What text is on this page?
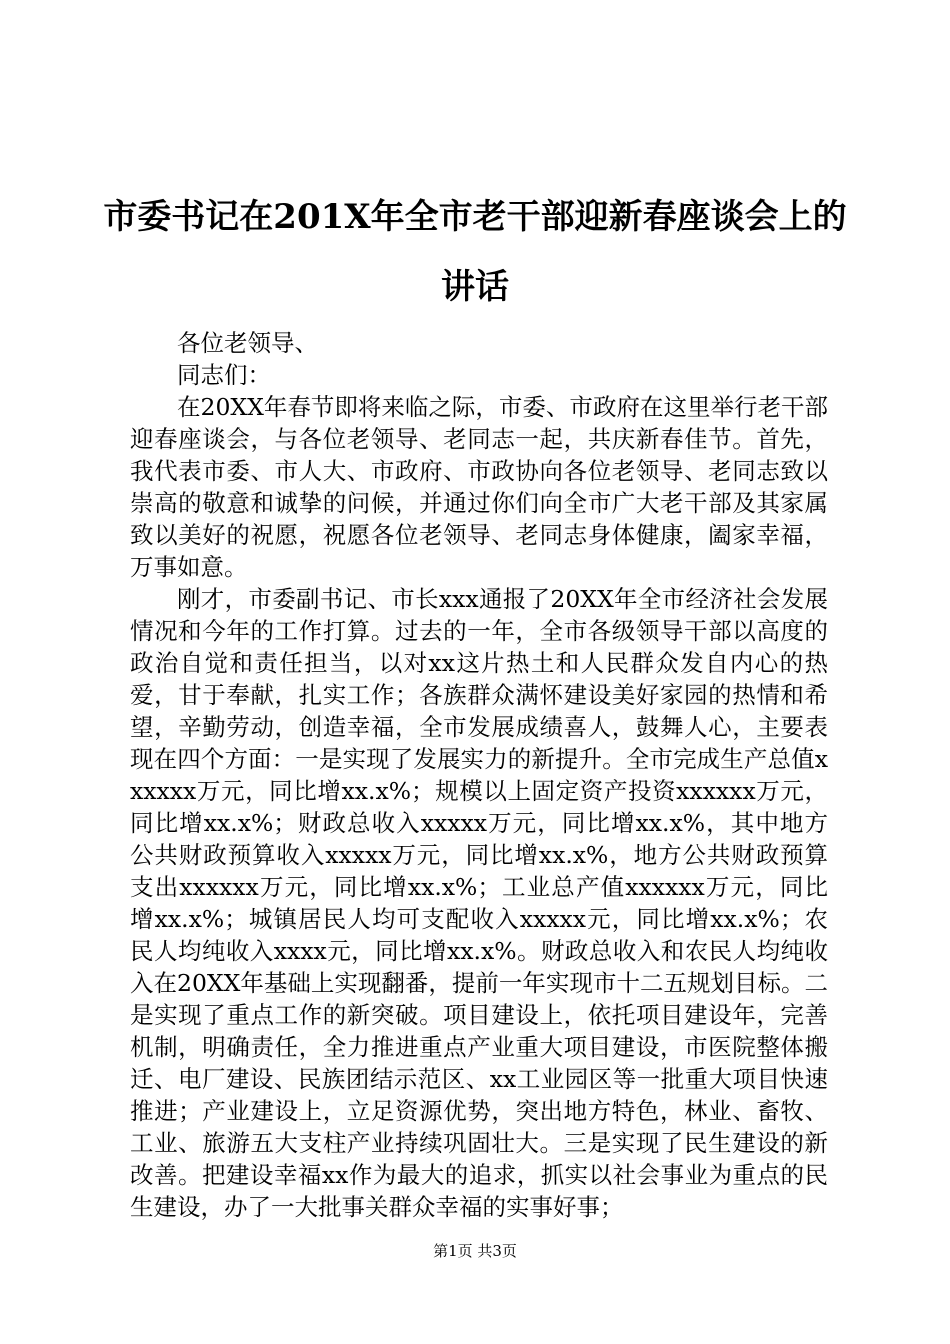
市委书记在201X年全市老干部迎新春座谈会上的讲话

各位老领导、

同志们：

在20XX年春节即将来临之际，市委、市政府在这里举行老干部迎春座谈会，与各位老领导、老同志一起，共庆新春佳节。首先，我代表市委、市人大、市政府、市政协向各位老领导、老同志致以崇高的敬意和诚挚的问候，并通过你们向全市广大老干部及其家属致以美好的祝愿，祝愿各位老领导、老同志身体健康，阖家幸福，万事如意。

刚才，市委副书记、市长xxx通报了20XX年全市经济社会发展情况和今年的工作打算。过去的一年，全市各级领导干部以高度的政治自觉和责任担当，以对xx这片热土和人民群众发自内心的热爱，甘于奉献，扎实工作；各族群众满怀建设美好家园的热情和希望，辛勤劳动，创造幸福，全市发展成绩喜人，鼓舞人心，主要表现在四个方面：一是实现了发展实力的新提升。全市完成生产总值xxxxxx万元，同比增xx.x%；规模以上固定资产投资xxxxxx万元，同比增xx.x%；财政总收入xxxxx万元，同比增xx.x%，其中地方公共财政预算收入xxxxx万元，同比增xx.x%，地方公共财政预算支出xxxxxx万元，同比增xx.x%；工业总产值xxxxxx万元，同比增xx.x%；城镇居民人均可支配收入xxxxx元，同比增xx.x%；农民人均纯收入xxxx元，同比增xx.x%。财政总收入和农民人均纯收入在20XX年基础上实现翻番，提前一年实现市十二五规划目标。二是实现了重点工作的新突破。项目建设上，依托项目建设年，完善机制，明确责任，全力推进重点产业重大项目建设，市医院整体搬迁、电厂建设、民族团结示范区、xx工业园区等一批重大项目快速推进；产业建设上，立足资源优势，突出地方特色，林业、畜牧、工业、旅游五大支柱产业持续巩固壮大。三是实现了民生建设的新改善。把建设幸福xx作为最大的追求，抓实以社会事业为重点的民生建设，办了一大批事关群众幸福的实事好事；

第1页 共3页
